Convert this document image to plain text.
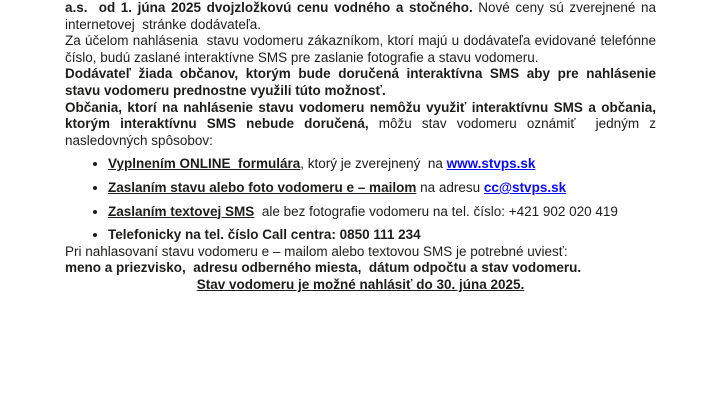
a.s.  od 1. júna 2025 dvojzložkovú cenu vodného a stočného. Nové ceny sú zverejnené na internetovej  stránke dodávateľa.

Za účelom nahlásenia  stavu vodomeru zákazníkom, ktorí majú u dodávateľa evidované telefónne číslo, budú zaslané interaktívne SMS pre zaslanie fotografie a stavu vodomeru.

Dodávateľ žiada občanov, ktorým bude doručená interaktívna SMS aby pre nahlásenie stavu vodomeru prednostne využili túto možnosť.

Občania, ktorí na nahlásenie stavu vodomeru nemôžu využiť interaktívnu SMS a občania, ktorým interaktívnu SMS nebude doručená, môžu stav vodomeru oznámiť  jedným z nasledovných spôsobov:

• Vyplnením ONLINE  formulára, ktorý je zverejnený  na www.stvps.sk
• Zaslaním stavu alebo foto vodomeru e – mailom na adresu cc@stvps.sk
• Zaslaním textovej SMS  ale bez fotografie vodomeru na tel. číslo: +421 902 020 419
• Telefonicky na tel. číslo Call centra: 0850 111 234

Pri nahlasovaní stavu vodomeru e – mailom alebo textovou SMS je potrebné uviesť:

meno a priezvisko,  adresu odberného miesta,  dátum odpočtu a stav vodomeru.

Stav vodomeru je možné nahlásiť do 30. júna 2025.
